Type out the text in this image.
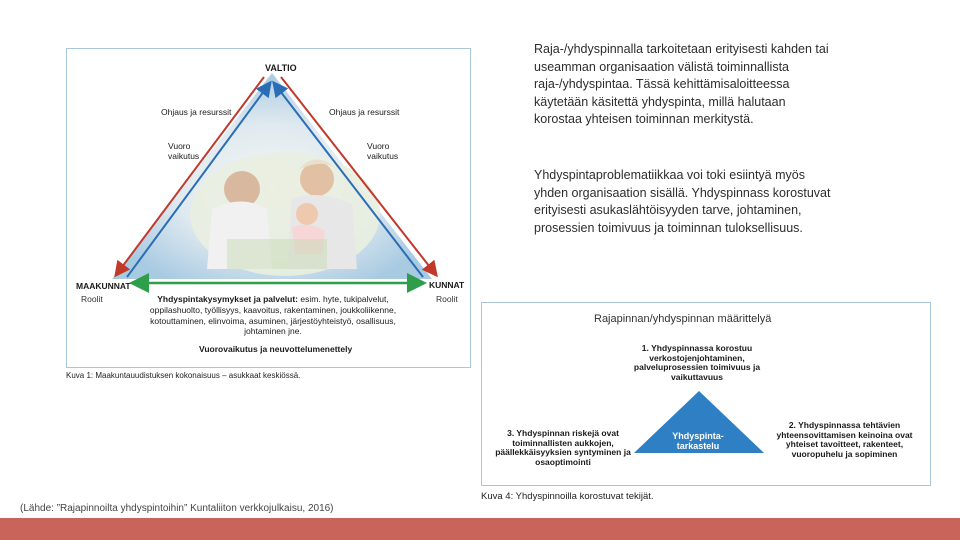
VALTIO
Ohjaus ja resurssit	Ohjaus ja resurssit
Vuoro vaikutus
Vuoro vaikutus
MAAKUNNAT
Roolit
KUNNAT
Roolit
Yhdyspintakysymykset ja palvelut: esim. hyte, tukipalvelut, oppilashuolto, työllisyys, kaavoitus, rakentaminen, joukkoliikenne, kotouttaminen, elinvoima, asuminen, järjestöyhteistyö, osallisuus, johtaminen jne.
Vuorovaikutus ja neuvottelumenettely
Kuva 1: Maakuntauudistuksen kokonaisuus – asukkaat keskiössä.

Raja-/yhdyspinnalla tarkoitetaan erityisesti kahden tai useamman organisaation välistä toiminnallista raja-/yhdyspintaa. Tässä kehittämisaloitteessa käytetään käsitettä yhdyspinta, millä halutaan korostaa yhteisen toiminnan merkitystä.

Yhdyspintaproblematiikkaa voi toki esiintyä myös yhden organisaation sisällä. Yhdyspinnass korostuvat erityisesti asukaslähtöisyyden tarve, johtaminen, prosessien toimivuus ja toiminnan tuloksellisuus.

Rajapinnan/yhdyspinnan määrittelyä
1. Yhdyspinnassa korostuu verkostojenjohtaminen, palveluprosessien toimivuus ja vaikuttavuus
2. Yhdyspinnassa tehtävien yhteensovittamisen keinoina ovat yhteiset tavoitteet, rakenteet, vuoropuhelu ja sopiminen
3. Yhdyspinnan riskejä ovat toiminnallisten aukkojen, päällekkäisyyksien syntyminen ja osaoptimointi
Yhdyspinta-tarkastelu
Kuva 4: Yhdyspinnoilla korostuvat tekijät.
(Lähde: ”Rajapinnoilta yhdyspintoihin” Kuntaliiton verkkojulkaisu, 2016)
